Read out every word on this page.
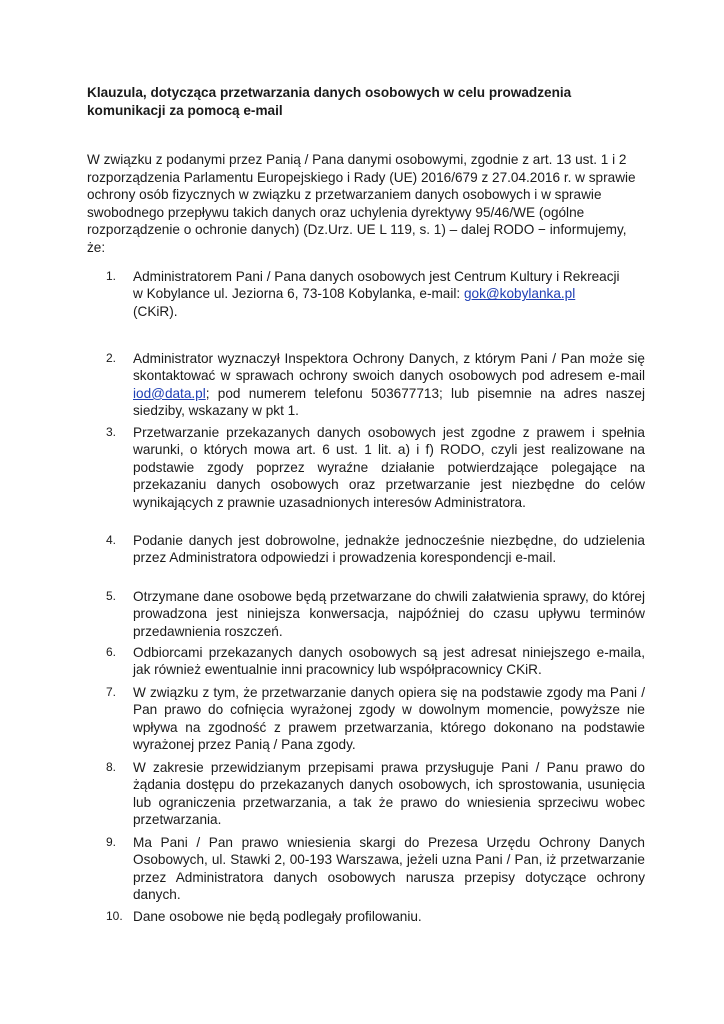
Klauzula, dotycząca przetwarzania danych osobowych w celu prowadzenia komunikacji za pomocą e-mail
W związku z podanymi przez Panią / Pana danymi osobowymi, zgodnie z art. 13 ust. 1 i 2 rozporządzenia Parlamentu Europejskiego i Rady (UE) 2016/679 z 27.04.2016 r. w sprawie ochrony osób fizycznych w związku z przetwarzaniem danych osobowych i w sprawie swobodnego przepływu takich danych oraz uchylenia dyrektywy 95/46/WE (ogólne rozporządzenie o ochronie danych) (Dz.Urz. UE L 119, s. 1) – dalej RODO − informujemy, że:
1.	Administratorem Pani / Pana danych osobowych jest Centrum Kultury i Rekreacji
w Kobylance ul. Jeziorna 6, 73-108 Kobylanka, e-mail: gok@kobylanka.pl
(CKiR).
2.	Administrator wyznaczył Inspektora Ochrony Danych, z którym Pani / Pan może się skontaktować w sprawach ochrony swoich danych osobowych pod adresem e-mail iod@data.pl; pod numerem telefonu 503677713; lub pisemnie na adres naszej siedziby, wskazany w pkt 1.
3.	Przetwarzanie przekazanych danych osobowych jest zgodne z prawem i spełnia warunki, o których mowa art. 6 ust. 1 lit. a) i f) RODO, czyli jest realizowane na podstawie zgody poprzez wyraźne działanie potwierdzające polegające na przekazaniu danych osobowych oraz przetwarzanie jest niezbędne do celów wynikających z prawnie uzasadnionych interesów Administratora.
4.	Podanie danych jest dobrowolne, jednakże jednocześnie niezbędne, do udzielenia przez Administratora odpowiedzi i prowadzenia korespondencji e-mail.
5.	Otrzymane dane osobowe będą przetwarzane do chwili załatwienia sprawy, do której prowadzona jest niniejsza konwersacja, najpóźniej do czasu upływu terminów przedawnienia roszczeń.
6.	Odbiorcami przekazanych danych osobowych są jest adresat niniejszego e-maila, jak również ewentualnie inni pracownicy lub współpracownicy CKiR.
7.	W związku z tym, że przetwarzanie danych opiera się na podstawie zgody ma Pani / Pan prawo do cofnięcia wyrażonej zgody w dowolnym momencie, powyższe nie wpływa na zgodność z prawem przetwarzania, którego dokonano na podstawie wyrażonej przez Panią / Pana zgody.
8.	W zakresie przewidzianym przepisami prawa przysługuje Pani / Panu prawo do żądania dostępu do przekazanych danych osobowych, ich sprostowania, usunięcia lub ograniczenia przetwarzania, a tak że prawo do wniesienia sprzeciwu wobec przetwarzania.
9.	Ma Pani / Pan prawo wniesienia skargi do Prezesa Urzędu Ochrony Danych Osobowych, ul. Stawki 2, 00-193 Warszawa, jeżeli uzna Pani / Pan, iż przetwarzanie przez Administratora danych osobowych narusza przepisy dotyczące ochrony danych.
10. Dane osobowe nie będą podlegały profilowaniu.
